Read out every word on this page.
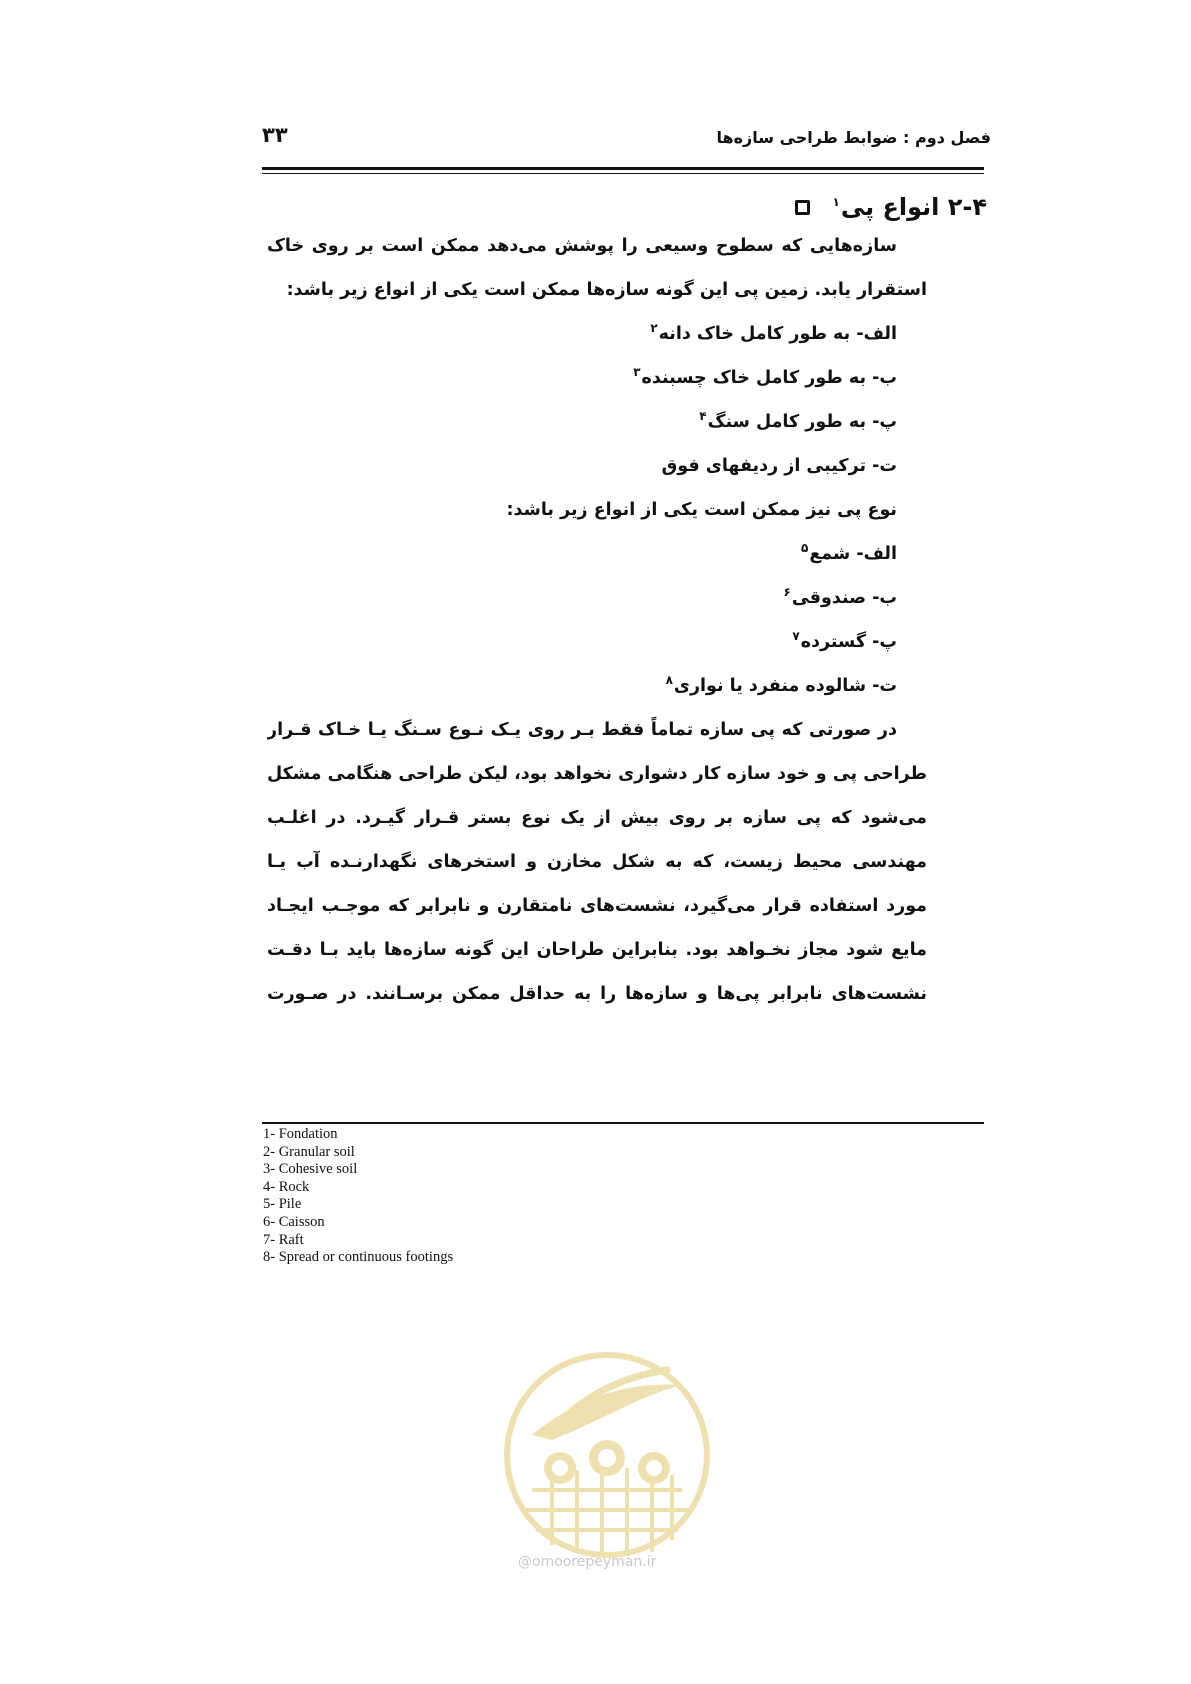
فصل دوم : ضوابط طراحی سازه‌ها
۳۳
۲-۴ انواع پی$^۱$
سازه‌هایی که سطوح وسیعی را پوشش می‌دهد ممکن است بر روی خاک
استقرار یابد. زمین پی این گونه سازه‌ها ممکن است یکی از انواع زیر باشد:
الف- به طور کامل خاک دانه$^۲$
ب- به طور کامل خاک چسبنده$^۳$
پ- به طور کامل سنگ$^۴$
ت- ترکیبی از ردیفهای فوق
نوع پی نیز ممکن است یکی از انواع زیر باشد:
الف- شمع$^۵$
ب- صندوقی$^۶$
پ- گسترده$^۷$
ت- شالوده منفرد یا نواری$^۸$
در صورتی که پی سازه تماماً فقط بـر روی یـک نـوع سـنگ یـا خـاک قـرار
طراحی پی و خود سازه کار دشواری نخواهد بود، لیکن طراحی هنگامی مشکل
می‌شود که پی سازه بر روی بیش از یک نوع بستر قـرار گیـرد. در اغلـب
مهندسی محیط زیست، که به شکل مخازن و استخرهای نگهدارنـده آب یـا
مورد استفاده قرار می‌گیرد، نشست‌های نامتقارن و نابرابر که موجـب ایجـاد
مایع شود مجاز نخـواهد بود. بنابراین طراحان این گونه سازه‌ها باید بـا دقـت
نشست‌های نابرابر پی‌ها و سازه‌ها را به حداقل ممکن برسـانند. در صـورت
1- Fondation
2- Granular soil
3- Cohesive soil
4- Rock
5- Pile
6- Caisson
7- Raft
8- Spread or continuous footings
@omoorepeyman.ir
